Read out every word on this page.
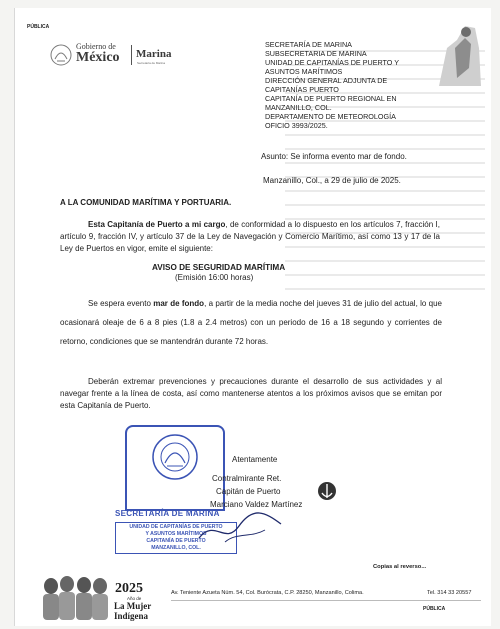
PÚBLICA
Gobierno de
México Marina
Secretaría de Marina
SECRETARÍA DE MARINA
SUBSECRETARIA DE MARINA
UNIDAD DE CAPITANÍAS DE PUERTO Y
ASUNTOS MARÍTIMOS
DIRECCIÓN GENERAL ADJUNTA DE
CAPITANÍAS PUERTO
CAPITANÍA DE PUERTO REGIONAL EN
MANZANILLO, COL.
DEPARTAMENTO DE METEOROLOGÍA
OFICIO 3993/2025.
Asunto: Se informa evento mar de fondo.
Manzanillo, Col., a 29 de julio de 2025.
A LA COMUNIDAD MARÍTIMA Y PORTUARIA.
Esta Capitanía de Puerto a mi cargo, de conformidad a lo dispuesto en los artículos 7, fracción I, artículo 9, fracción IV, y artículo 37 de la Ley de Navegación y Comercio Marítimo, así como 13 y 17 de la Ley de Puertos en vigor, emite el siguiente:
AVISO DE SEGURIDAD MARÍTIMA
(Emisión 16:00 horas)
Se espera evento mar de fondo, a partir de la media noche del jueves 31 de julio del actual, lo que ocasionará oleaje de 6 a 8 pies (1.8 a 2.4 metros) con un periodo de 16 a 18 segundo y corrientes de retorno, condiciones que se mantendrán durante 72 horas.
Deberán extremar prevenciones y precauciones durante el desarrollo de sus actividades y al navegar frente a la línea de costa, así como mantenerse atentos a los próximos avisos que se emitan por esta Capitanía de Puerto.
SECRETARÍA DE MARINA
UNIDAD DE CAPITANÍAS DE PUERTO
Y ASUNTOS MARÍTIMOS
CAPITANÍA DE PUERTO
MANZANILLO, COL.
Atentamente
Contralmirante Ret.
Capitán de Puerto
Marciano Valdez Martínez
Copias al reverso...
2025
Año de
La Mujer
Indígena
Av. Teniente Azueta Núm. 54, Col. Burócrata, C.P. 28250, Manzanillo, Colima.	Tel. 314 33 20557
PÚBLICA
